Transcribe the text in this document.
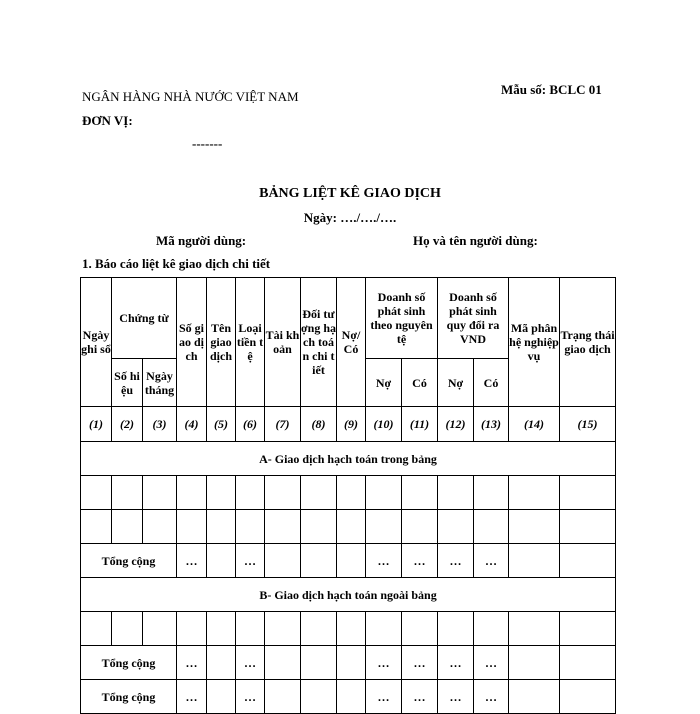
NGÂN HÀNG NHÀ NƯỚC VIỆT NAM
ĐƠN VỊ:
-------
Mẫu số: BCLC 01
BẢNG LIỆT KÊ GIAO DỊCH
Ngày: …./…./….
Mã người dùng:	Họ và tên người dùng:
1. Báo cáo liệt kê giao dịch chi tiết
Ngày ghi sổ	Chứng từ		Số giao dịch	Tên giao dịch	Loại tiền tệ	Tài khoản	Đối tượng hạch toán chi tiết	Nợ/ Có	Doanh số phát sinh theo nguyên tệ		Doanh số phát sinh quy đổi ra VND		Mã phân hệ nghiệp vụ	Trạng thái giao dịch
	Số hiệu	Ngày tháng							Nợ	Có	Nợ	Có		
(1)	(2)	(3)	(4)	(5)	(6)	(7)	(8)	(9)	(10)	(11)	(12)	(13)	(14)	(15)
A- Giao dịch hạch toán trong bảng														

Tổng cộng			…		…				…	…	…	…		
B- Giao dịch hạch toán ngoài bảng														

Tổng cộng			…		…				…	…	…	…		
Tổng cộng			…		…				…	…	…	…		
